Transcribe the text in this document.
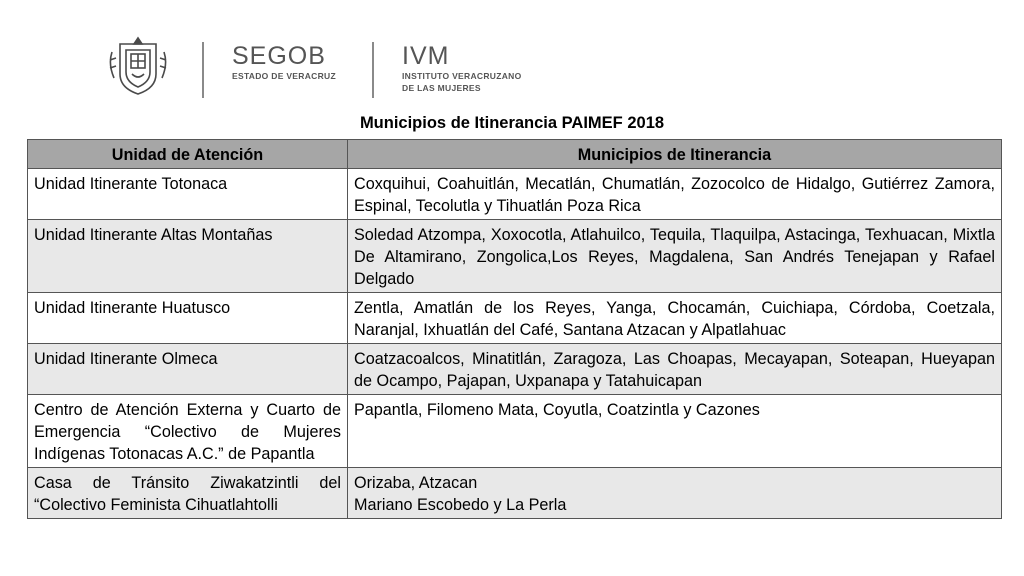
SEGOB
ESTADO DE VERACRUZ
IVM
INSTITUTO VERACRUZANO
DE LAS MUJERES
Municipios de Itinerancia PAIMEF 2018
Unidad de Atención	Municipios de Itinerancia
Unidad Itinerante Totonaca	Coxquihui, Coahuitlán, Mecatlán, Chumatlán, Zozocolco de Hidalgo, Gutiérrez Zamora, Espinal, Tecolutla y Tihuatlán Poza Rica
Unidad Itinerante Altas Montañas	Soledad Atzompa, Xoxocotla, Atlahuilco, Tequila, Tlaquilpa, Astacinga, Texhuacan, Mixtla De Altamirano, Zongolica,Los Reyes, Magdalena, San Andrés Tenejapan y Rafael Delgado
Unidad Itinerante Huatusco	Zentla, Amatlán de los Reyes, Yanga, Chocamán, Cuichiapa, Córdoba, Coetzala, Naranjal, Ixhuatlán del Café, Santana Atzacan y Alpatlahuac
Unidad Itinerante Olmeca	Coatzacoalcos, Minatitlán, Zaragoza, Las Choapas, Mecayapan, Soteapan, Hueyapan de Ocampo, Pajapan, Uxpanapa y Tatahuicapan
Centro de Atención Externa y Cuarto de Emergencia “Colectivo de Mujeres Indígenas Totonacas A.C.” de Papantla	Papantla, Filomeno Mata, Coyutla, Coatzintla y Cazones
Casa de Tránsito Ziwakatzintli del “Colectivo Feminista Cihuatlahtolli	Orizaba, Atzacan
Mariano Escobedo y La Perla
